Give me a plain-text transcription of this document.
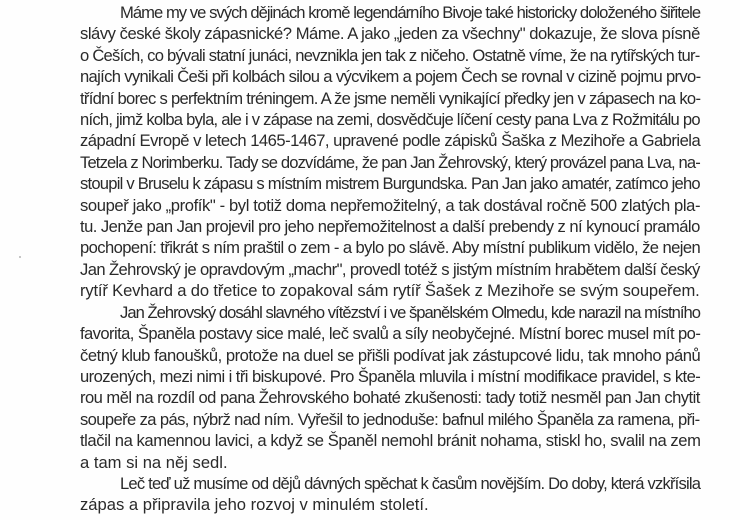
Máme my ve svých dějinách kromě legendárního Bivoje také historicky doloženého šiřitele
slávy české školy zápasnické? Máme. A jako „jeden za všechny" dokazuje, že slova písně
o Češích, co bývali statní junáci, nevznikla jen tak z ničeho. Ostatně víme, že na rytířských tur-
najích vynikali Češi při kolbách silou a výcvikem a pojem Čech se rovnal v cizině pojmu prvo-
třídní borec s perfektním tréningem. A že jsme neměli vynikající předky jen v zápasech na ko-
ních, jimž kolba byla, ale i v zápase na zemi, dosvědčuje líčení cesty pana Lva z Rožmitálu po
západní Evropě v letech 1465-1467, upravené podle zápisků Šaška z Mezihoře a Gabriela
Tetzela z Norimberku. Tady se dozvídáme, že pan Jan Žehrovský, který provázel pana Lva, na-
stoupil v Bruselu k zápasu s místním mistrem Burgundska. Pan Jan jako amatér, zatímco jeho
soupeř jako „profík" - byl totiž doma nepřemožitelný, a tak dostával ročně 500 zlatých pla-
tu. Jenže pan Jan projevil pro jeho nepřemožitelnost a další prebendy z ní kynoucí pramálo
pochopení: třikrát s ním praštil o zem - a bylo po slávě. Aby místní publikum vidělo, že nejen
Jan Žehrovský je opravdovým „machr", provedl totéž s jistým místním hrabětem další český
rytíř Kevhard a do třetice to zopakoval sám rytíř Šašek z Mezihoře se svým soupeřem.

Jan Žehrovský dosáhl slavného vítězství i ve španělském Olmedu, kde narazil na místního
favorita, Španěla postavy sice malé, leč svalů a síly neobyčejné. Místní borec musel mít po-
četný klub fanoušků, protože na duel se přišli podívat jak zástupcové lidu, tak mnoho pánů
urozených, mezi nimi i tři biskupové. Pro Španěla mluvila i místní modifikace pravidel, s kte-
rou měl na rozdíl od pana Žehrovského bohaté zkušenosti: tady totiž nesměl pan Jan chytit
soupeře za pás, nýbrž nad ním. Vyřešil to jednoduše: bafnul milého Španěla za ramena, při-
tlačil na kamennou lavici, a když se Španěl nemohl bránit nohama, stiskl ho, svalil na zem
a tam si na něj sedl.

Leč teď už musíme od dějů dávných spěchat k časům novějším. Do doby, která vzkřísila
zápas a připravila jeho rozvoj v minulém století.
